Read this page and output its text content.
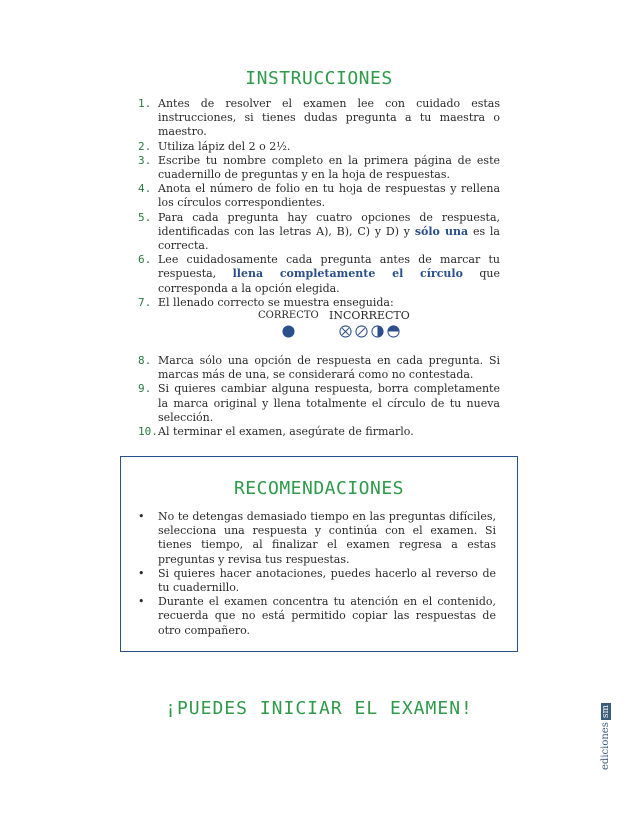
INSTRUCCIONES
1. Antes de resolver el examen lee con cuidado estas instrucciones, si tienes dudas pregunta a tu maestra o maestro.
2. Utiliza lápiz del 2 o 2½.
3. Escribe tu nombre completo en la primera página de este cuadernillo de preguntas y en la hoja de respuestas.
4. Anota el número de folio en tu hoja de respuestas y rellena los círculos correspondientes.
5. Para cada pregunta hay cuatro opciones de respuesta, identificadas con las letras A), B), C) y D) y sólo una es la correcta.
6. Lee cuidadosamente cada pregunta antes de marcar tu respuesta, llena completamente el círculo que corresponda a la opción elegida.
7. El llenado correcto se muestra enseguida:
CORRECTO INCORRECTO
8. Marca sólo una opción de respuesta en cada pregunta. Si marcas más de una, se considerará como no contestada.
9. Si quieres cambiar alguna respuesta, borra completamente la marca original y llena totalmente el círculo de tu nueva selección.
10. Al terminar el examen, asegúrate de firmarlo.
RECOMENDACIONES
•	No te detengas demasiado tiempo en las preguntas difíciles, selecciona una respuesta y continúa con el examen. Si tienes tiempo, al finalizar el examen regresa a estas preguntas y revisa tus respuestas.
•	Si quieres hacer anotaciones, puedes hacerlo al reverso de tu cuadernillo.
•	Durante el examen concentra tu atención en el contenido, recuerda que no está permitido copiar las respuestas de otro compañero.
¡PUEDES INICIAR EL EXAMEN!
edicionessm
